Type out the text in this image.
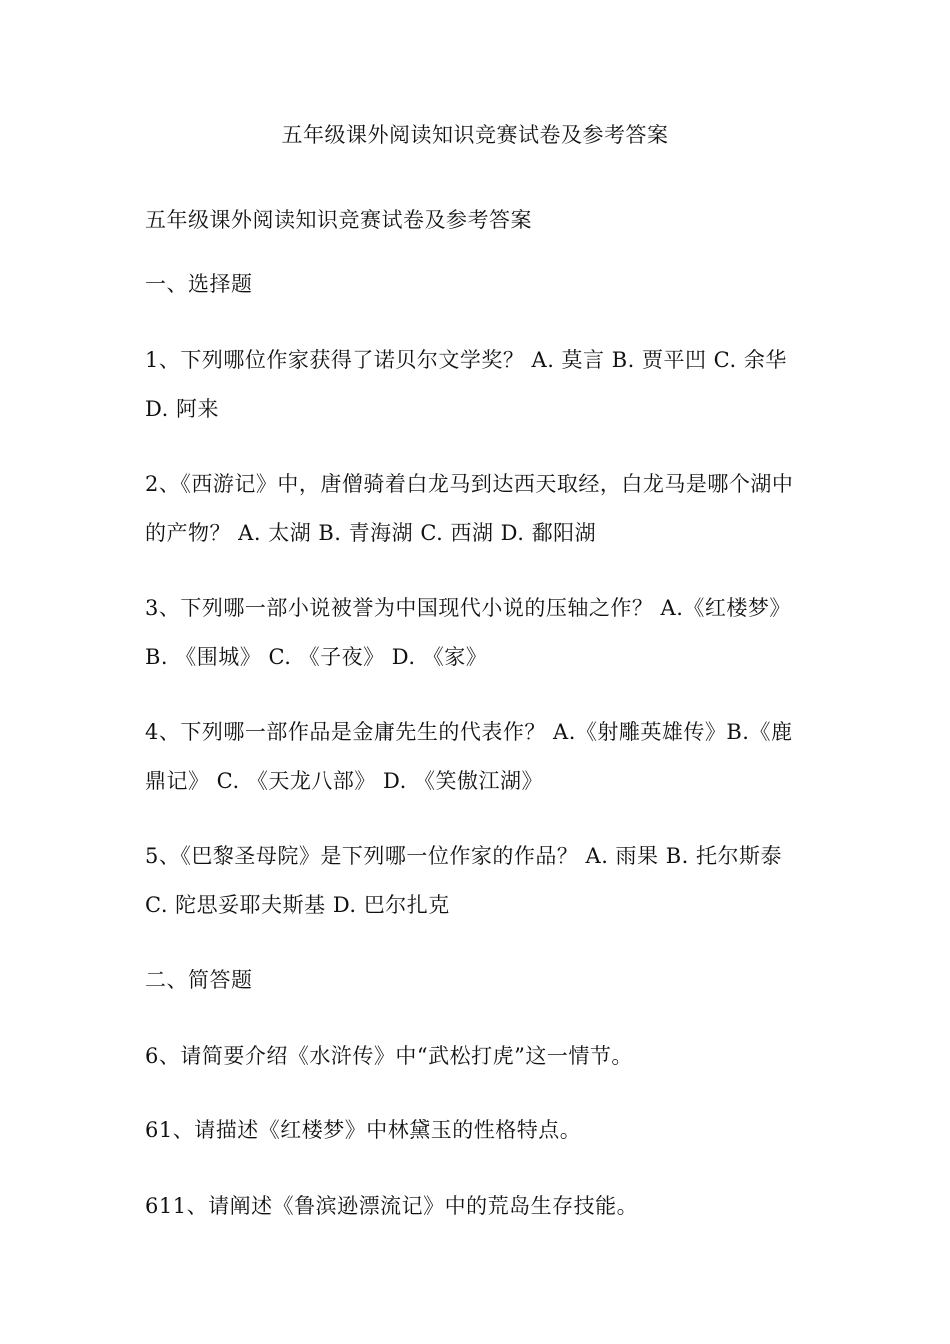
五年级课外阅读知识竞赛试卷及参考答案

五年级课外阅读知识竞赛试卷及参考答案

一、选择题

1、下列哪位作家获得了诺贝尔文学奖？ A. 莫言 B. 贾平凹 C. 余华 D. 阿来

2、《西游记》中，唐僧骑着白龙马到达西天取经，白龙马是哪个湖中的产物？ A. 太湖 B. 青海湖 C. 西湖 D. 鄱阳湖

3、下列哪一部小说被誉为中国现代小说的压轴之作？ A.《红楼梦》 B. 《围城》 C. 《子夜》 D. 《家》

4、下列哪一部作品是金庸先生的代表作？ A.《射雕英雄传》B.《鹿鼎记》 C. 《天龙八部》 D. 《笑傲江湖》

5、《巴黎圣母院》是下列哪一位作家的作品？ A. 雨果 B. 托尔斯泰 C. 陀思妥耶夫斯基 D. 巴尔扎克

二、简答题

6、请简要介绍《水浒传》中“武松打虎”这一情节。

61、请描述《红楼梦》中林黛玉的性格特点。

611、请阐述《鲁滨逊漂流记》中的荒岛生存技能。
